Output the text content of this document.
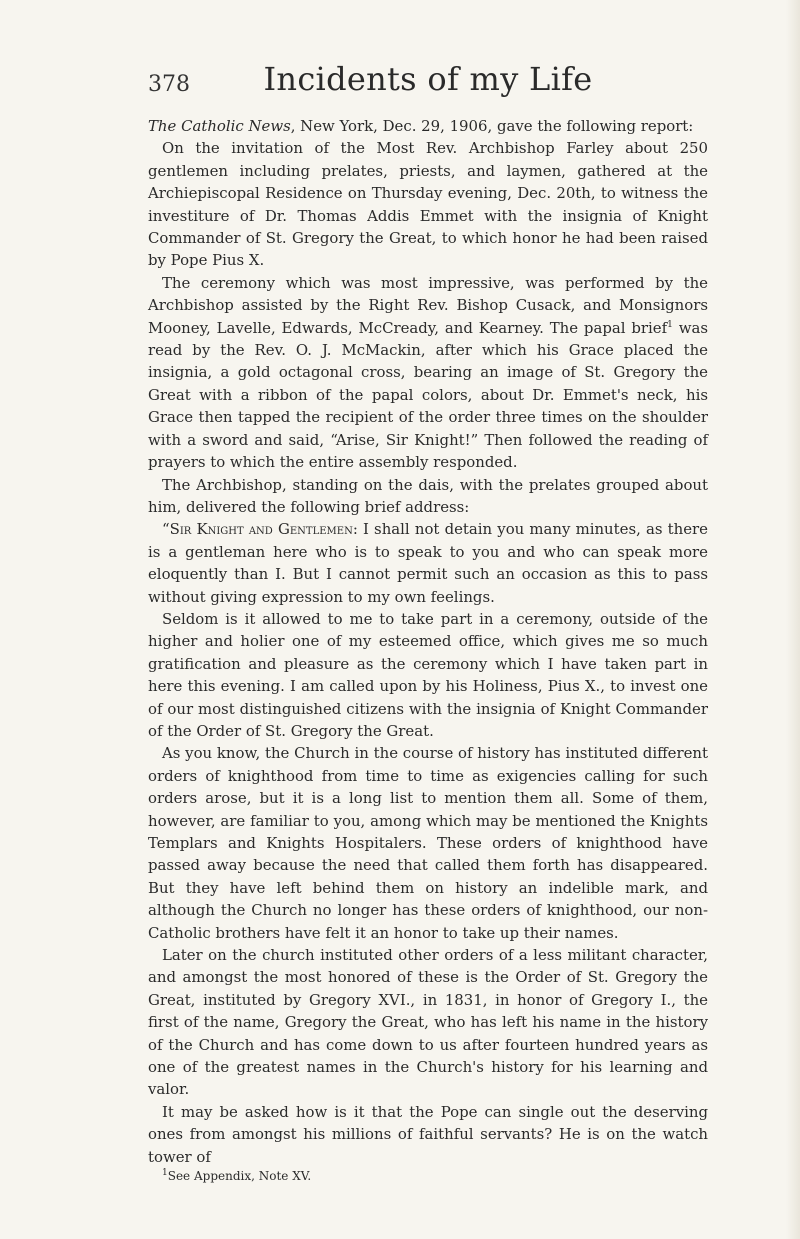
378	Incidents of my Life

The Catholic News, New York, Dec. 29, 1906, gave the following report:

On the invitation of the Most Rev. Archbishop Farley about 250 gentlemen including prelates, priests, and laymen, gathered at the Archiepiscopal Residence on Thursday evening, Dec. 20th, to witness the investiture of Dr. Thomas Addis Emmet with the insignia of Knight Commander of St. Gregory the Great, to which honor he had been raised by Pope Pius X.

The ceremony which was most impressive, was performed by the Archbishop assisted by the Right Rev. Bishop Cusack, and Monsignors Mooney, Lavelle, Edwards, McCready, and Kearney. The papal brief$^1$ was read by the Rev. O. J. McMackin, after which his Grace placed the insignia, a gold octagonal cross, bearing an image of St. Gregory the Great with a ribbon of the papal colors, about Dr. Emmet's neck, his Grace then tapped the recipient of the order three times on the shoulder with a sword and said, “Arise, Sir Knight!” Then followed the reading of prayers to which the entire assembly responded.

The Archbishop, standing on the dais, with the prelates grouped about him, delivered the following brief address:

“Sir Knight and Gentlemen: I shall not detain you many minutes, as there is a gentleman here who is to speak to you and who can speak more eloquently than I. But I cannot permit such an occasion as this to pass without giving expression to my own feelings.

Seldom is it allowed to me to take part in a ceremony, outside of the higher and holier one of my esteemed office, which gives me so much gratification and pleasure as the ceremony which I have taken part in here this evening. I am called upon by his Holiness, Pius X., to invest one of our most distinguished citizens with the insignia of Knight Commander of the Order of St. Gregory the Great.

As you know, the Church in the course of history has instituted different orders of knighthood from time to time as exigencies calling for such orders arose, but it is a long list to mention them all. Some of them, however, are familiar to you, among which may be mentioned the Knights Templars and Knights Hospitalers. These orders of knighthood have passed away because the need that called them forth has disappeared. But they have left behind them on history an indelible mark, and although the Church no longer has these orders of knighthood, our non-Catholic brothers have felt it an honor to take up their names.

Later on the church instituted other orders of a less militant character, and amongst the most honored of these is the Order of St. Gregory the Great, instituted by Gregory XVI., in 1831, in honor of Gregory I., the first of the name, Gregory the Great, who has left his name in the history of the Church and has come down to us after fourteen hundred years as one of the greatest names in the Church's history for his learning and valor.

It may be asked how is it that the Pope can single out the deserving ones from amongst his millions of faithful servants? He is on the watch tower of

$^1$See Appendix, Note XV.
